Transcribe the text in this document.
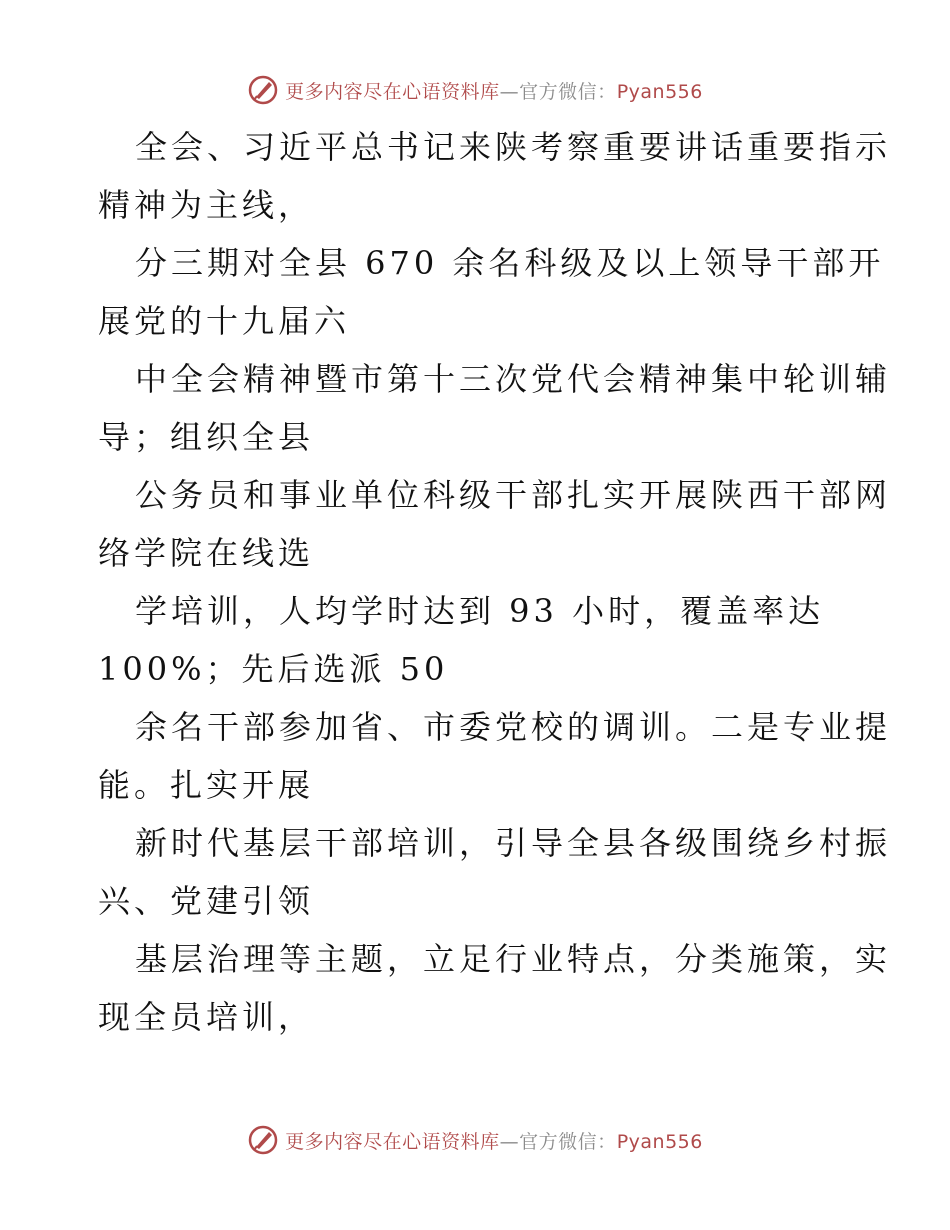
更多内容尽在心语资料库—官方微信：Pyan556
全会、习近平总书记来陕考察重要讲话重要指示
精神为主线，
分三期对全县 670 余名科级及以上领导干部开
展党的十九届六
中全会精神暨市第十三次党代会精神集中轮训辅
导；组织全县
公务员和事业单位科级干部扎实开展陕西干部网
络学院在线选
学培训，人均学时达到 93 小时，覆盖率达
100%；先后选派 50
余名干部参加省、市委党校的调训。二是专业提
能。扎实开展
新时代基层干部培训，引导全县各级围绕乡村振
兴、党建引领
基层治理等主题，立足行业特点，分类施策，实
现全员培训，
更多内容尽在心语资料库—官方微信：Pyan556
